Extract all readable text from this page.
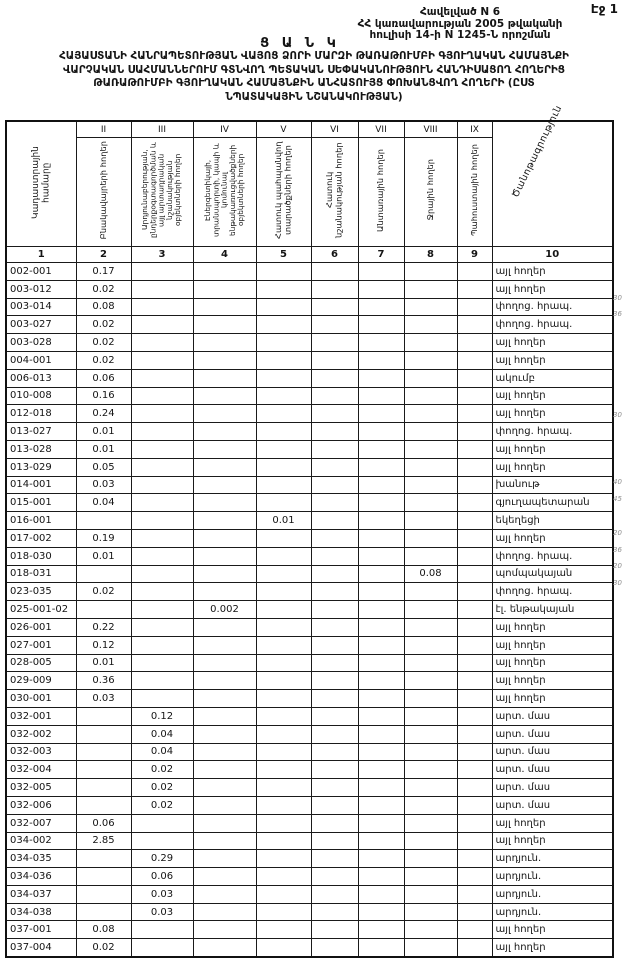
Էջ 1
Հավելված N 6
ՀՀ կառավարության 2005 թվականի
հուլիսի 14-ի N 1245-Ն որոշման
Ց Ա Ն Կ
ՀԱՅԱՍՏԱՆԻ ՀԱՆՐԱՊԵՏՈՒԹՅԱՆ ՎԱՅՈՑ ՁՈՐԻ ՄԱՐԶԻ ԹԱՌԱԹՈՒՄԲԻ ԳՅՈՒՂԱԿԱՆ ՀԱՄԱՅՆՔԻ
ՎԱՐՉԱԿԱՆ ՍԱՀՄԱՆՆԵՐՈՒՄ ԳՏՆՎՈՂ ՊԵՏԱԿԱՆ ՍԵՓԱԿԱՆՈՒԹՅՈՒՆ ՀԱՆԴԻՍԱՑՈՂ ՀՈՂԵՐԻՑ
ԹԱՌԱԹՈՒՄԲԻ ԳՅՈՒՂԱԿԱՆ ՀԱՄԱՅՆՔԻՆ ԱՆՀԱՏՈՒՅՑ ՓՈԽԱՆՑՎՈՂ ՀՈՂԵՐԻ (ԸՍՏ
ՆՊԱՏԱԿԱՅԻՆ ՆՇԱՆԱԿՈՒԹՅԱՆ)
Կադաստրային համարը	II	III	IV	V	VI	VII	VIII	IX	Ծանոթագրություն

	Բնակավայրերի հողեր	Արդյունաբերության, ընդերքօգտագործման և այլ արտադրական նշանակության օբյեկտների հողեր	Էներգետիկայի, տրանսպորտի, կապի և կոմունալ ենթակառուցվածքների օբյեկտների հողեր	Հատուկ պահպանվող տարածքների հողեր	Հատուկ նշանակության հողեր	Անտառային հողեր	Ջրային հողեր	Պահուստային հողեր	
1	2	3	4	5	6	7	8	9	10
002-001	0.17								այլ հողեր
003-012	0.02								այլ հողեր
003-014	0.08								փողոց. հրապ.
003-027	0.02								փողոց. հրապ.
003-028	0.02								այլ հողեր
004-001	0.02								այլ հողեր
006-013	0.06								ակումբ
010-008	0.16								այլ հողեր
012-018	0.24								այլ հողեր
013-027	0.01								փողոց. հրապ.
013-028	0.01								այլ հողեր
013-029	0.05								այլ հողեր
014-001	0.03								խանութ
015-001	0.04								գյուղապետարան
016-001				0.01					եկեղեցի
017-002	0.19								այլ հողեր
018-030	0.01								փողոց. հրապ.
018-031							0.08		պոմպակայան
023-035	0.02								փողոց. հրապ.
025-001-02			0.002						էլ. ենթակայան
026-001	0.22								այլ հողեր
027-001	0.12								այլ հողեր
028-005	0.01								այլ հողեր
029-009	0.36								այլ հողեր
030-001	0.03								այլ հողեր
032-001		0.12							արտ. մաս
032-002		0.04							արտ. մաս
032-003		0.04							արտ. մաս
032-004		0.02							արտ. մաս
032-005		0.02							արտ. մաս
032-006		0.02							արտ. մաս
032-007	0.06								այլ հողեր
034-002	2.85								այլ հողեր
034-035		0.29							արդյուն.
034-036		0.06							արդյուն.
034-037		0.03							արդյուն.
034-038		0.03							արդյուն.
037-001	0.08								այլ հողեր
037-004	0.02								այլ հողեր
30
36
30
40
45
20
36
20
30
